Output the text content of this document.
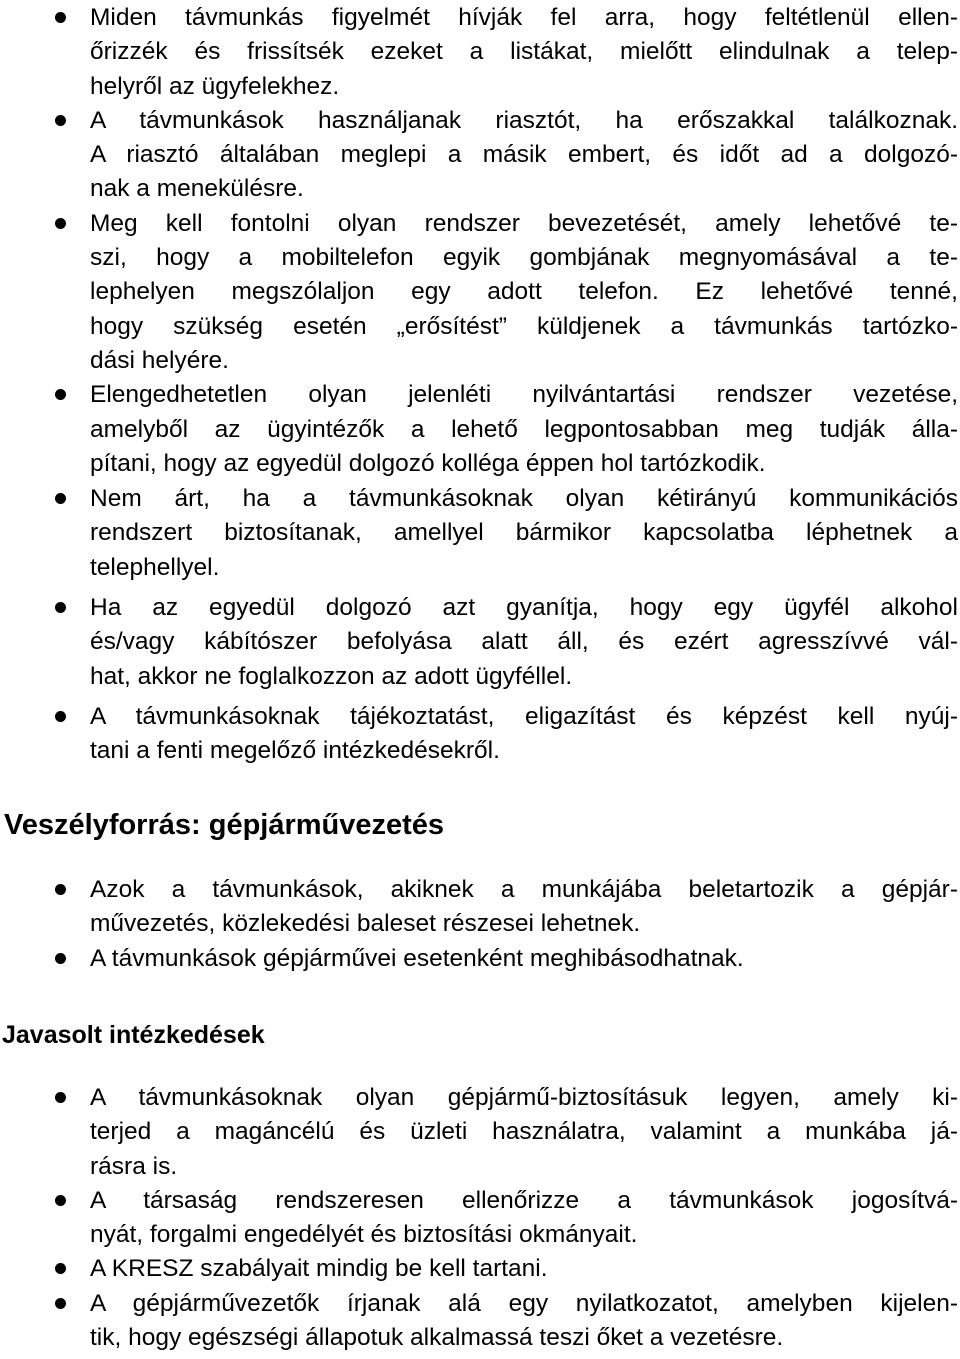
Miden távmunkás figyelmét hívják fel arra, hogy feltétlenül ellen-
őrizzék és frissítsék ezeket a listákat, mielőtt elindulnak a telep-
helyről az ügyfelekhez.
A távmunkások használjanak riasztót, ha erőszakkal találkoznak.
A riasztó általában meglepi a másik embert, és időt ad a dolgozó-
nak a menekülésre.
Meg kell fontolni olyan rendszer bevezetését, amely lehetővé te-
szi, hogy a mobiltelefon egyik gombjának megnyomásával a te-
lephelyen megszólaljon egy adott telefon. Ez lehetővé tenné,
hogy szükség esetén „erősítést” küldjenek a távmunkás tartózko-
dási helyére.
Elengedhetetlen olyan jelenléti nyilvántartási rendszer vezetése,
amelyből az ügyintézők a lehető legpontosabban meg tudják álla-
pítani, hogy az egyedül dolgozó kolléga éppen hol tartózkodik.
Nem árt, ha a távmunkásoknak olyan kétirányú kommunikációs
rendszert biztosítanak, amellyel bármikor kapcsolatba léphetnek a
telephellyel.
Ha az egyedül dolgozó azt gyanítja, hogy egy ügyfél alkohol
és/vagy kábítószer befolyása alatt áll, és ezért agresszívvé vál-
hat, akkor ne foglalkozzon az adott ügyféllel.
A távmunkásoknak tájékoztatást, eligazítást és képzést kell nyúj-
tani a fenti megelőző intézkedésekről.
Veszélyforrás: gépjárművezetés
Azok a távmunkások, akiknek a munkájába beletartozik a gépjár-
művezetés, közlekedési baleset részesei lehetnek.
A távmunkások gépjárművei esetenként meghibásodhatnak.
Javasolt intézkedések
A távmunkásoknak olyan gépjármű-biztosításuk legyen, amely ki-
terjed a magáncélú és üzleti használatra, valamint a munkába já-
rásra is.
A társaság rendszeresen ellenőrizze a távmunkások jogosítvá-
nyát, forgalmi engedélyét és biztosítási okmányait.
A KRESZ szabályait mindig be kell tartani.
A gépjárművezetők írjanak alá egy nyilatkozatot, amelyben kijelen-
tik, hogy egészségi állapotuk alkalmassá teszi őket a vezetésre.
